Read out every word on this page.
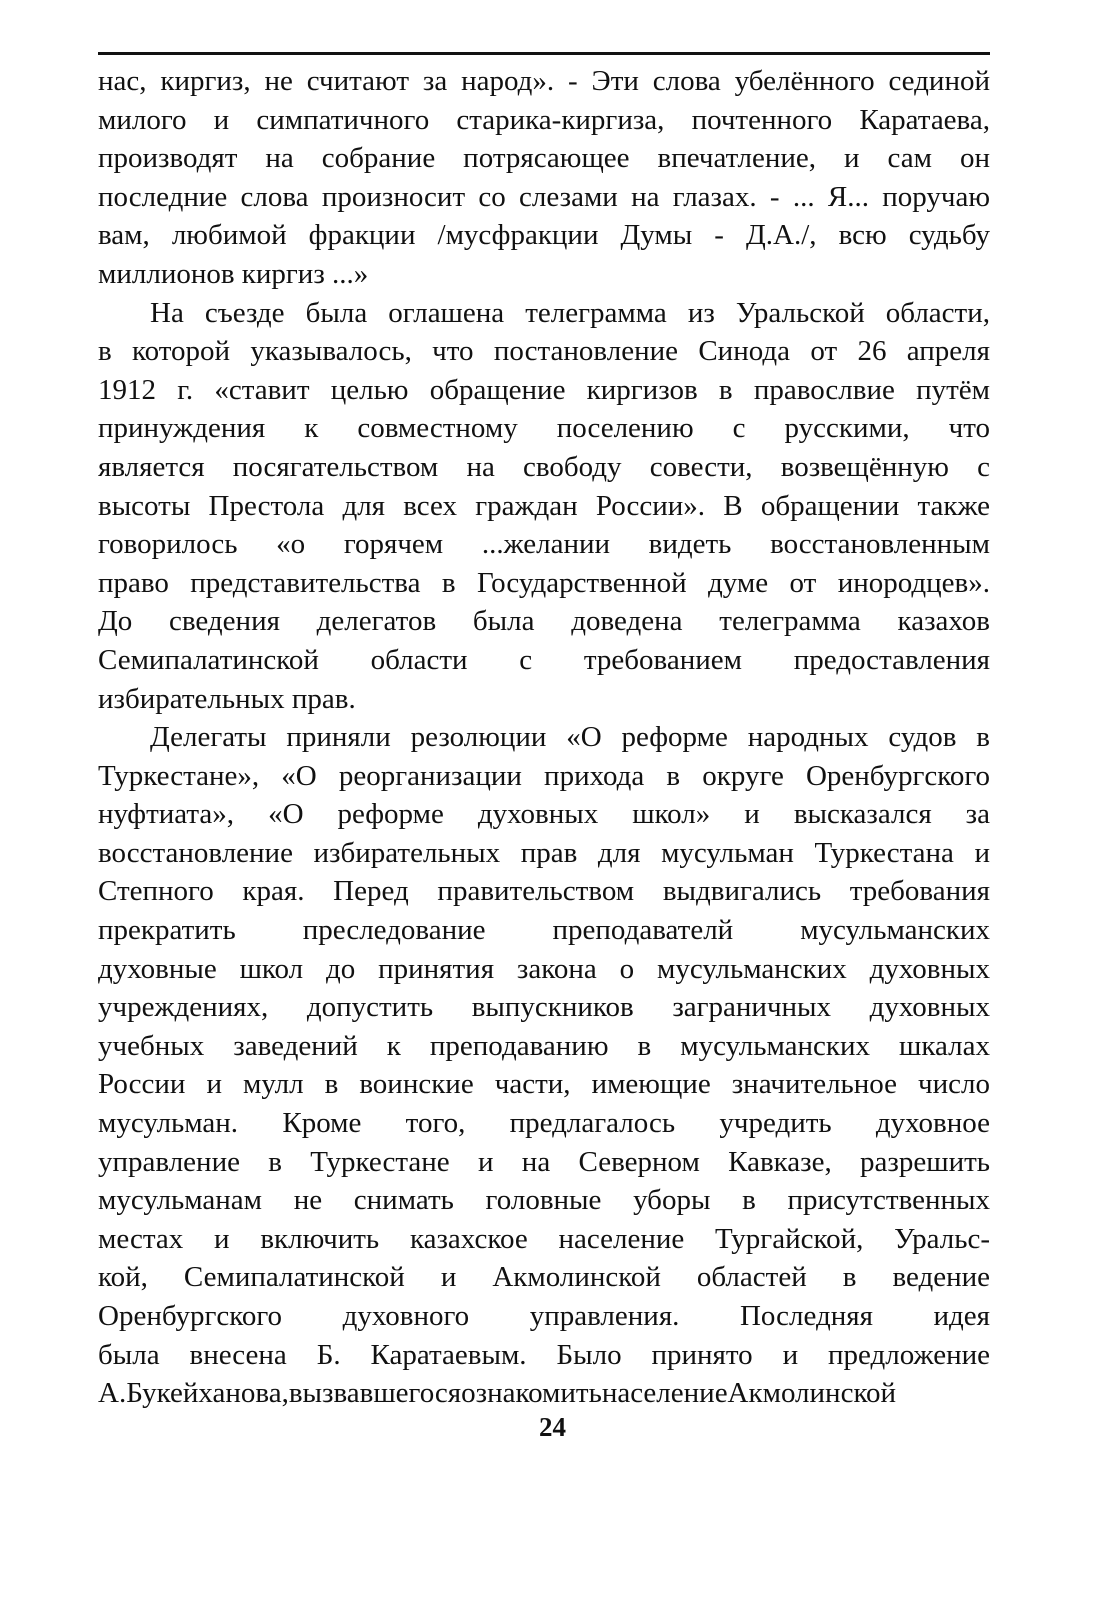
нас, киргиз, не считают за народ». - Эти слова убелённого сединой
милого и симпатичного старика-киргиза, почтенного Каратаева,
производят на собрание потрясающее впечатление, и сам он
последние слова произносит со слезами на глазах. - ... Я... поручаю
вам, любимой фракции /мусфракции Думы - Д.А./, всю судьбу
миллионов киргиз ...»
На съезде была оглашена телеграмма из Уральской области,
в которой указывалось, что постановление Синода от 26 апреля
1912 г. «ставит целью обращение киргизов в правослвие путём
принуждения к совместному поселению с русскими, что
является посягательством на свободу совести, возвещённую с
высоты Престола для всех граждан России». В обращении также
говорилось «о горячем ...желании видеть восстановленным
право представительства в Государственной думе от инородцев».
До сведения делегатов была доведена телеграмма казахов
Семипалатинской области с требованием предоставления
избирательных прав.
Делегаты приняли резолюции «О реформе народных судов в
Туркестане», «О реорганизации прихода в округе Оренбургского
нуфтиата», «О реформе духовных школ» и высказался за
восстановление избирательных прав для мусульман Туркестана и
Степного края. Перед правительством выдвигались требования
прекратить преследование преподавателй мусульманских
духовные школ до принятия закона о мусульманских духовных
учреждениях, допустить выпускников заграничных духовных
учебных заведений к преподаванию в мусульманских шкалах
России и мулл в воинские части, имеющие значительное число
мусульман. Кроме того, предлагалось учредить духовное
управление в Туркестане и на Северном Кавказе, разрешить
мусульманам не снимать головные уборы в присутственных
местах и включить казахское население Тургайской, Уральс-
кой, Семипалатинской и Акмолинской областей в ведение
Оренбургского духовного управления. Последняя идея
была внесена Б. Каратаевым. Было принято и предложение
А.Букейханова,вызвавшегосяознакомитьнаселениеАкмолинской
24
